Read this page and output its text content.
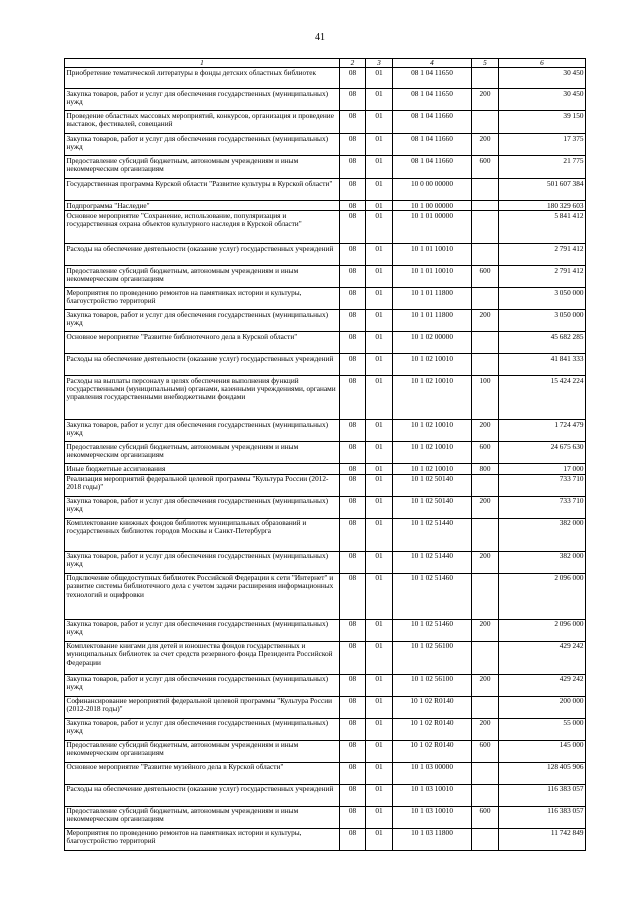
41
1	2	3	4	5	6
Приобретение тематической литературы в фонды детских областных библиотек	08	01	08 1 04 11650		30 450
Закупка товаров, работ и услуг для обеспечения государственных (муниципальных) нужд	08	01	08 1 04 11650	200	30 450
Проведение областных массовых мероприятий, конкурсов, организация и проведение выставок, фестивалей, совещаний	08	01	08 1 04 11660		39 150
Закупка товаров, работ и услуг для обеспечения государственных (муниципальных) нужд	08	01	08 1 04 11660	200	17 375
Предоставление субсидий бюджетным, автономным учреждениям и иным некоммерческим организациям	08	01	08 1 04 11660	600	21 775
Государственная программа Курской области "Развитие культуры в Курской области"	08	01	10 0 00 00000		501 607 384
Подпрограмма "Наследие"	08	01	10 1 00 00000		180 329 603
Основное мероприятие "Сохранение, использование, популяризация и государственная охрана объектов культурного наследия в Курской области"	08	01	10 1 01 00000		5 841 412
Расходы на обеспечение деятельности (оказание услуг) государственных учреждений	08	01	10 1 01 10010		2 791 412
Предоставление субсидий бюджетным, автономным учреждениям и иным некоммерческим организациям	08	01	10 1 01 10010	600	2 791 412
Мероприятия по проведению ремонтов на памятниках истории и культуры, благоустройство территорий	08	01	10 1 01 11800		3 050 000
Закупка товаров, работ и услуг для обеспечения государственных (муниципальных) нужд	08	01	10 1 01 11800	200	3 050 000
Основное мероприятие "Развитие библиотечного дела в Курской области"	08	01	10 1 02 00000		45 682 285
Расходы на обеспечение деятельности (оказание услуг) государственных учреждений	08	01	10 1 02 10010		41 841 333
Расходы на выплаты персоналу в целях обеспечения выполнения функций государственными (муниципальными) органами, казенными учреждениями, органами управления государственными внебюджетными фондами	08	01	10 1 02 10010	100	15 424 224
Закупка товаров, работ и услуг для обеспечения государственных (муниципальных) нужд	08	01	10 1 02 10010	200	1 724 479
Предоставление субсидий бюджетным, автономным учреждениям и иным некоммерческим организациям	08	01	10 1 02 10010	600	24 675 630
Иные бюджетные ассигнования	08	01	10 1 02 10010	800	17 000
Реализация мероприятий федеральной целевой программы "Культура России (2012-2018 годы)"	08	01	10 1 02 50140		733 710
Закупка товаров, работ и услуг для обеспечения государственных (муниципальных) нужд	08	01	10 1 02 50140	200	733 710
Комплектование книжных фондов библиотек муниципальных образований и государственных библиотек городов Москвы и Санкт-Петербурга	08	01	10 1 02 51440		382 000
Закупка товаров, работ и услуг для обеспечения государственных (муниципальных) нужд	08	01	10 1 02 51440	200	382 000
Подключение общедоступных библиотек Российской Федерации к сети "Интернет" и развитие системы библиотечного дела с учетом задачи расширения информационных технологий и оцифровки	08	01	10 1 02 51460		2 096 000
Закупка товаров, работ и услуг для обеспечения государственных (муниципальных) нужд	08	01	10 1 02 51460	200	2 096 000
Комплектование книгами для детей и юношества фондов государственных и муниципальных библиотек за счет средств резервного фонда Президента Российской Федерации	08	01	10 1 02 56100		429 242
Закупка товаров, работ и услуг для обеспечения государственных (муниципальных) нужд	08	01	10 1 02 56100	200	429 242
Софинансирование мероприятий федеральной целевой программы "Культура России (2012-2018 годы)"	08	01	10 1 02 R0140		200 000
Закупка товаров, работ и услуг для обеспечения государственных (муниципальных) нужд	08	01	10 1 02 R0140	200	55 000
Предоставление субсидий бюджетным, автономным учреждениям и иным некоммерческим организациям	08	01	10 1 02 R0140	600	145 000
Основное мероприятие "Развитие музейного дела в Курской области"	08	01	10 1 03 00000		128 405 906
Расходы на обеспечение деятельности (оказание услуг) государственных учреждений	08	01	10 1 03 10010		116 383 057
Предоставление субсидий бюджетным, автономным учреждениям и иным некоммерческим организациям	08	01	10 1 03 10010	600	116 383 057
Мероприятия по проведению ремонтов на памятниках истории и культуры, благоустройство территорий	08	01	10 1 03 11800		11 742 849
